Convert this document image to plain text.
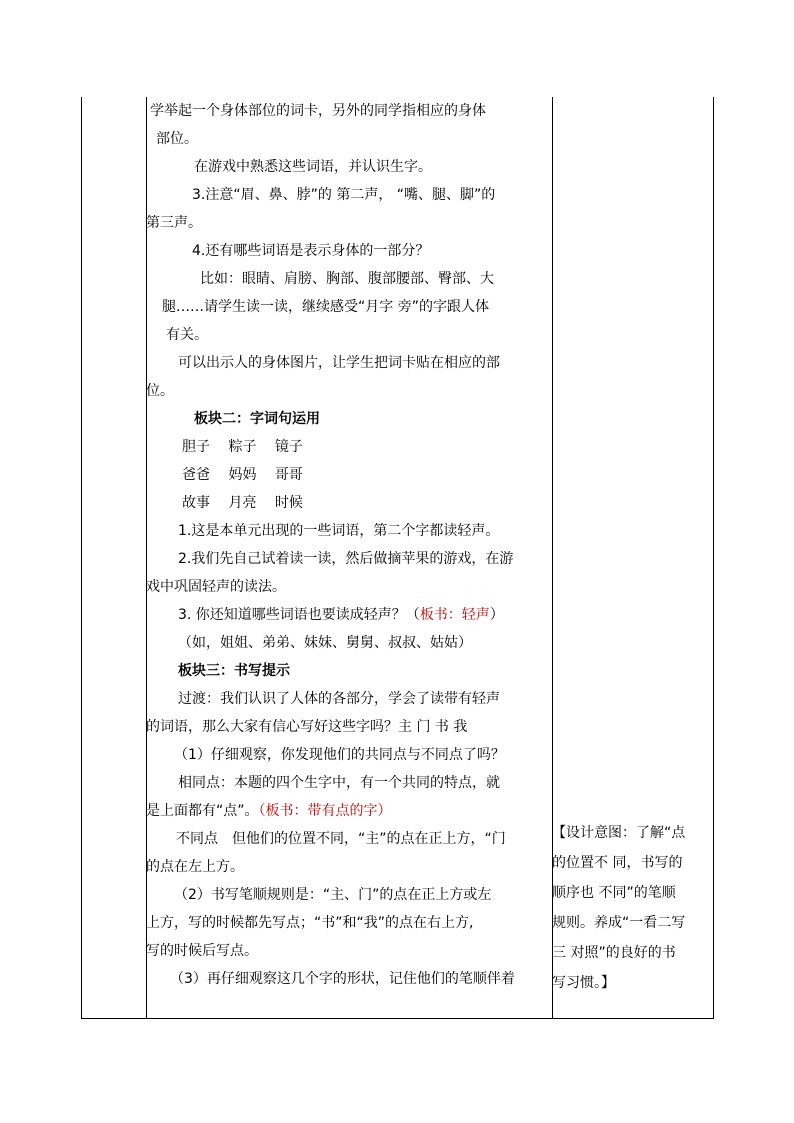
学举起一个身体部位的词卡，另外的同学指相应的身体

部位。

在游戏中熟悉这些词语，并认识生字。

3.注意“眉、鼻、脖”的 第二声， “嘴、腿、脚”的

第三声。

4.还有哪些词语是表示身体的一部分？

比如：眼睛、肩膀、胸部、腹部腰部、臀部、大

腿……请学生读一读，继续感受“月字 旁”的字跟人体

有关。

可以出示人的身体图片，让学生把词卡贴在相应的部

位。

板块二：字词句运用

胆子　 粽子　 镜子

爸爸　 妈妈　 哥哥

故事　 月亮　 时候

1.这是本单元出现的一些词语，第二个字都读轻声。

2.我们先自己试着读一读，然后做摘苹果的游戏，在游

戏中巩固轻声的读法。

3. 你还知道哪些词语也要读成轻声？（板书：轻声）

（如，姐姐、弟弟、妹妹、舅舅、叔叔、姑姑）

板块三：书写提示

过渡：我们认识了人体的各部分，学会了读带有轻声

的词语，那么大家有信心写好这些字吗？主 门 书 我

（1）仔细观察，你发现他们的共同点与不同点了吗？

相同点：本题的四个生字中，有一个共同的特点，就

是上面都有“点”。（板书：带有点的字）

不同点　但他们的位置不同，“主”的点在正上方，“门

的点在左上方。

（2）书写笔顺规则是：“主、门”的点在正上方或左

上方，写的时候都先写点；“书”和“我”的点在右上方,

写的时候后写点。

（3）再仔细观察这几个字的形状，记住他们的笔顺伴着

【设计意图：了解“点

的位置不 同，书写的

顺序也 不同”的笔顺

规则。养成“一看二写

三 对照”的良好的书

写习惯。】
